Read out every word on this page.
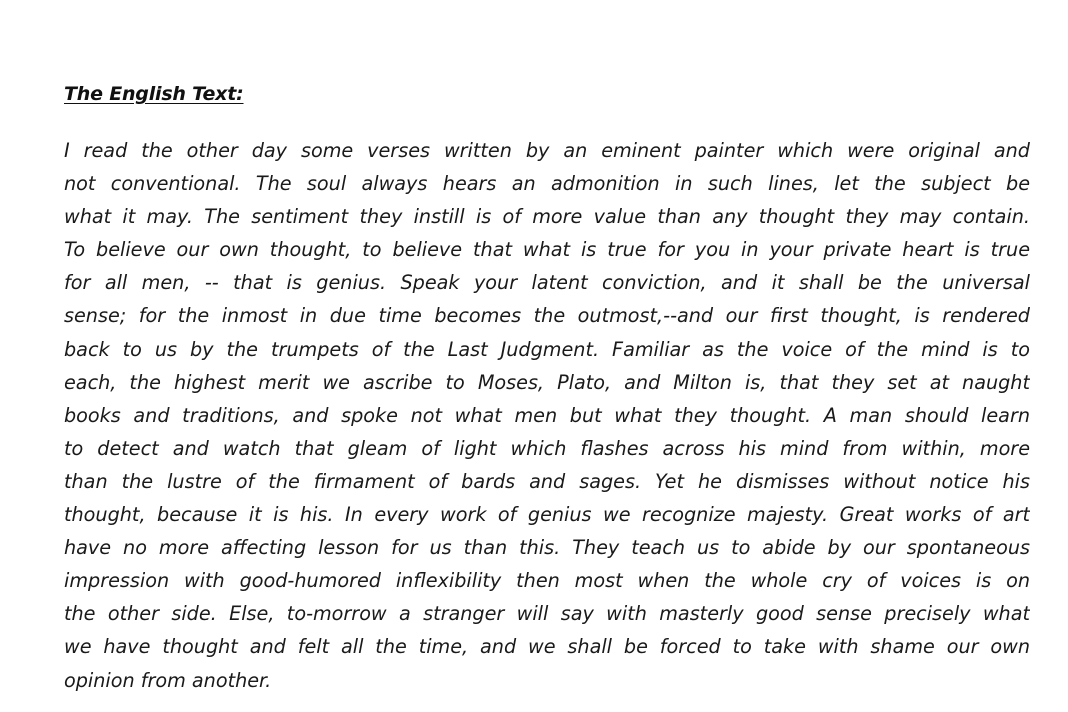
The English Text:
I read the other day some verses written by an eminent painter which were original and
not conventional. The soul always hears an admonition in such lines, let the subject be
what it may. The sentiment they instill is of more value than any thought they may contain.
To believe our own thought, to believe that what is true for you in your private heart is true
for all men, -- that is genius. Speak your latent conviction, and it shall be the universal
sense; for the inmost in due time becomes the outmost,--and our first thought, is rendered
back to us by the trumpets of the Last Judgment. Familiar as the voice of the mind is to
each, the highest merit we ascribe to Moses, Plato, and Milton is, that they set at naught
books and traditions, and spoke not what men but what they thought. A man should learn
to detect and watch that gleam of light which flashes across his mind from within, more
than the lustre of the firmament of bards and sages. Yet he dismisses without notice his
thought, because it is his. In every work of genius we recognize majesty. Great works of art
have no more affecting lesson for us than this. They teach us to abide by our spontaneous
impression with good-humored inflexibility then most when the whole cry of voices is on
the other side. Else, to-morrow a stranger will say with masterly good sense precisely what
we have thought and felt all the time, and we shall be forced to take with shame our own
opinion from another.
